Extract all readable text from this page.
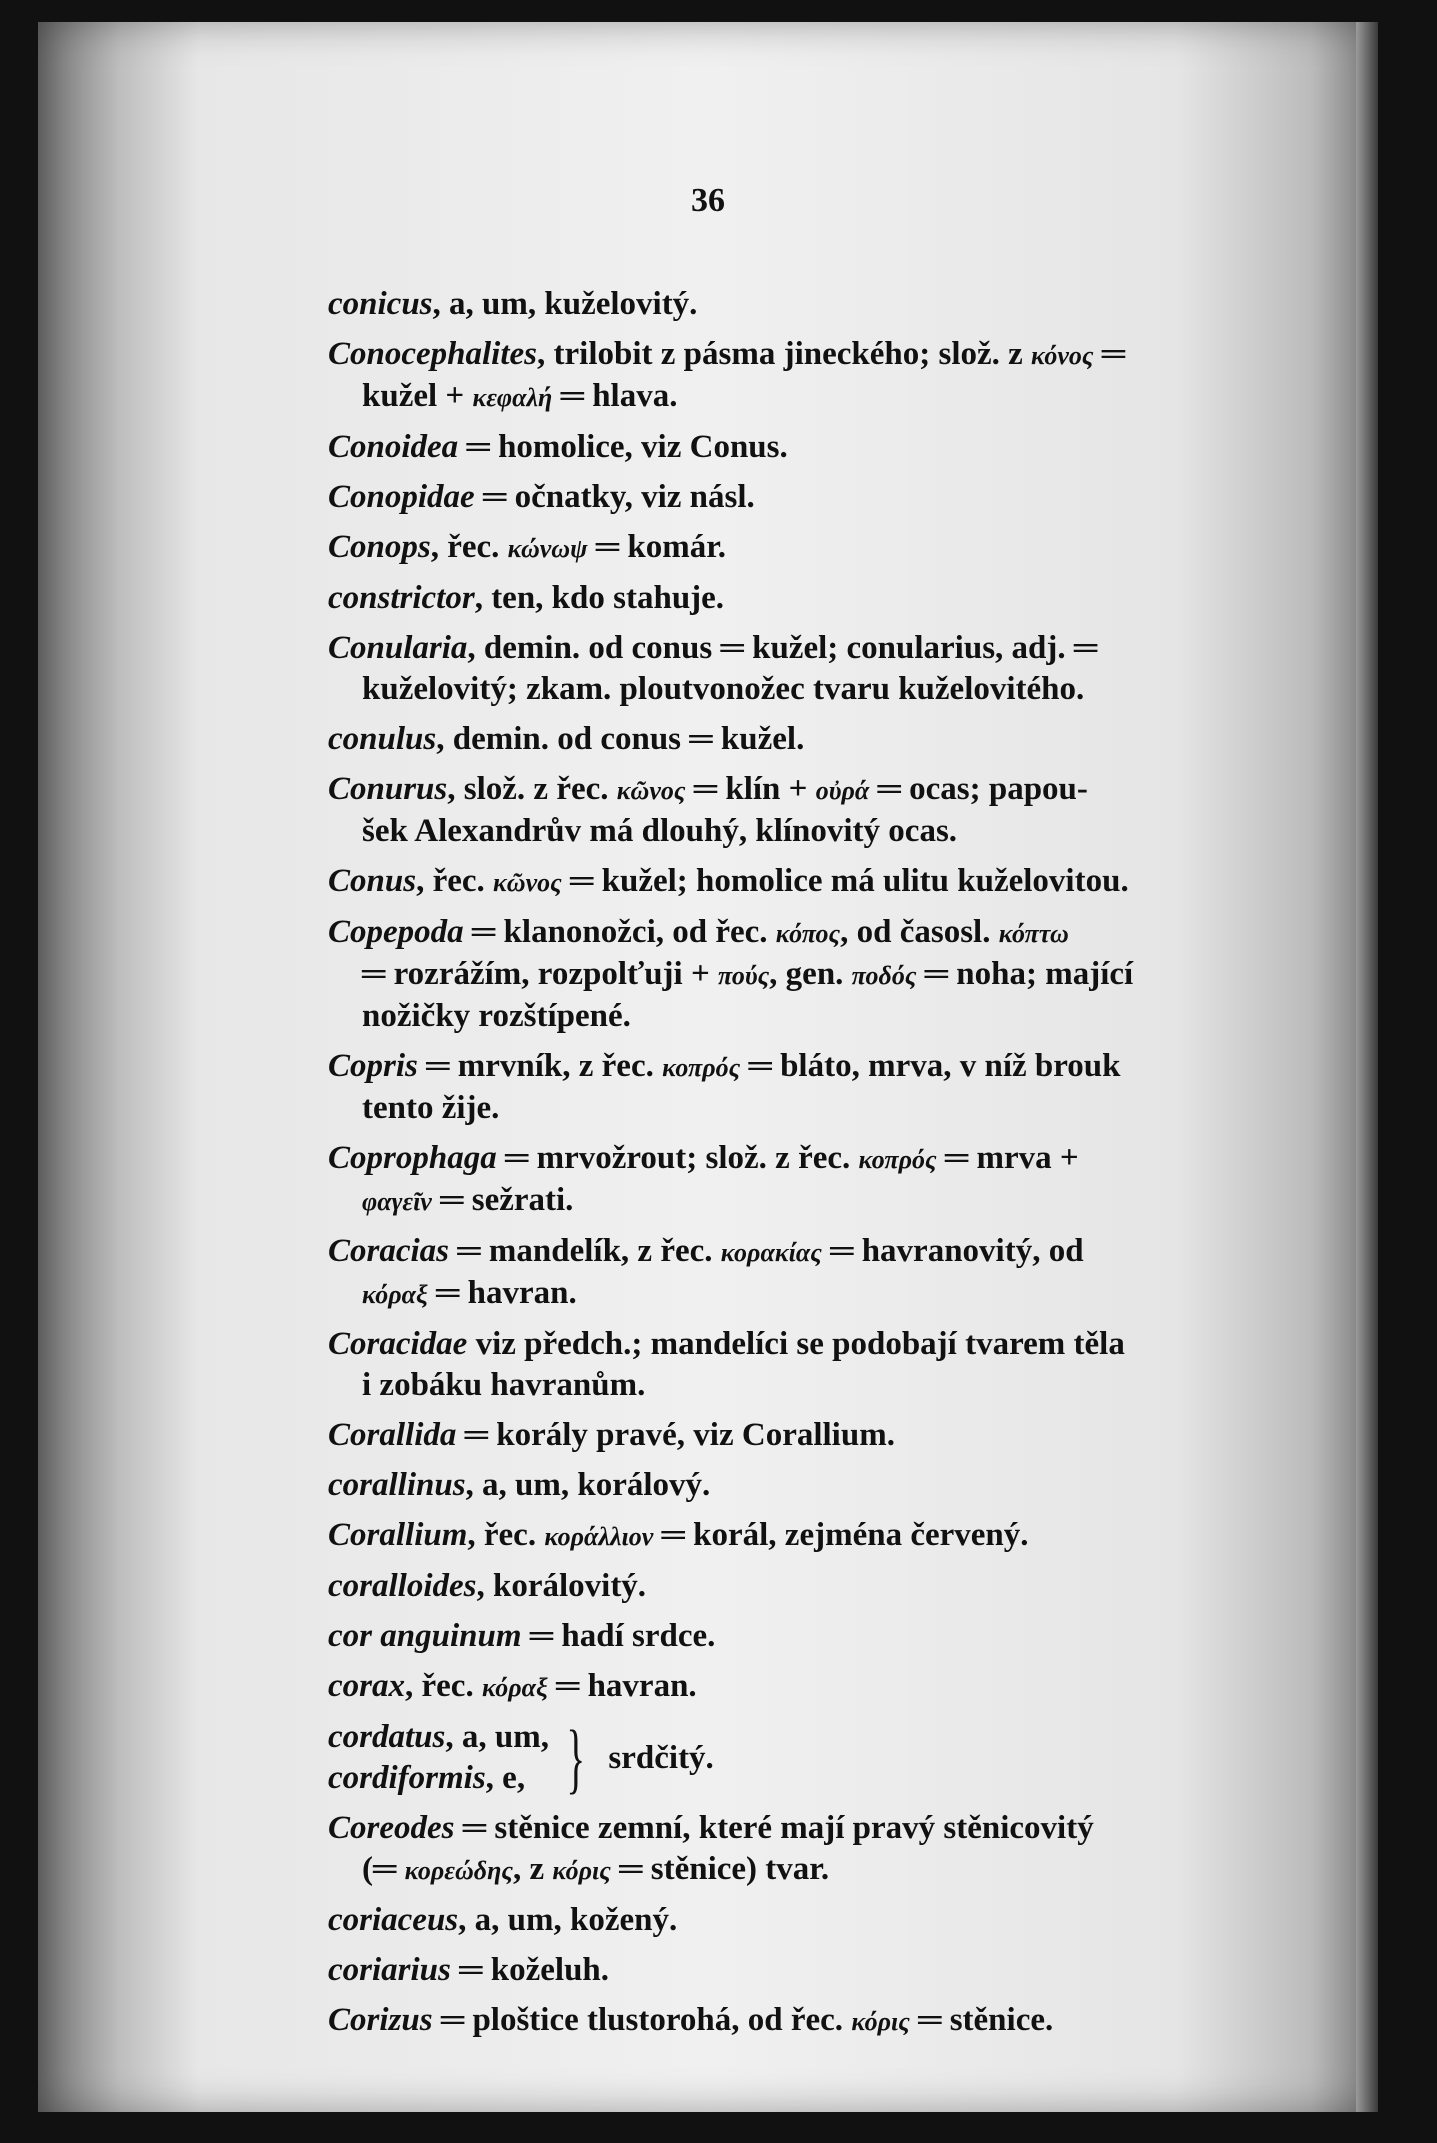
36
conicus, a, um, kuželovitý.
Conocephalites, trilobit z pásma jineckého; slož. z κόνος ═
kužel + κεφαλή ═ hlava.
Conoidea ═ homolice, viz Conus.
Conopidae ═ očnatky, viz násl.
Conops, řec. κώνωψ ═ komár.
constrictor, ten, kdo stahuje.
Conularia, demin. od conus ═ kužel; conularius, adj. ═
kuželovitý; zkam. ploutvonožec tvaru kuželovitého.
conulus, demin. od conus ═ kužel.
Conurus, slož. z řec. κῶνος ═ klín + οὐρά ═ ocas; papou-
šek Alexandrův má dlouhý, klínovitý ocas.
Conus, řec. κῶνος ═ kužel; homolice má ulitu kuželovitou.
Copepoda ═ klanonožci, od řec. κόπος, od časosl. κόπτω
═ rozrážím, rozpolťuji + πούς, gen. ποδός ═ noha; mající
nožičky rozštípené.
Copris ═ mrvník, z řec. κοπρός ═ bláto, mrva, v níž brouk
tento žije.
Coprophaga ═ mrvožrout; slož. z řec. κοπρός ═ mrva +
φαγεῖν ═ sežrati.
Coracias ═ mandelík, z řec. κορακίας ═ havranovitý, od
κόραξ ═ havran.
Coracidae viz předch.; mandelíci se podobají tvarem těla
i zobáku havranům.
Corallida ═ korály pravé, viz Corallium.
corallinus, a, um, korálový.
Corallium, řec. κοράλλιον ═ korál, zejména červený.
coralloides, korálovitý.
cor anguinum ═ hadí srdce.
corax, řec. κόραξ ═ havran.
cordatus, a, um,
cordiformis, e, } srdčitý.
Coreodes ═ stěnice zemní, které mají pravý stěnicovitý
(═ κορεώδης, z κόρις ═ stěnice) tvar.
coriaceus, a, um, kožený.
coriarius ═ koželuh.
Corizus ═ ploštice tlustorohá, od řec. κόρις ═ stěnice.
